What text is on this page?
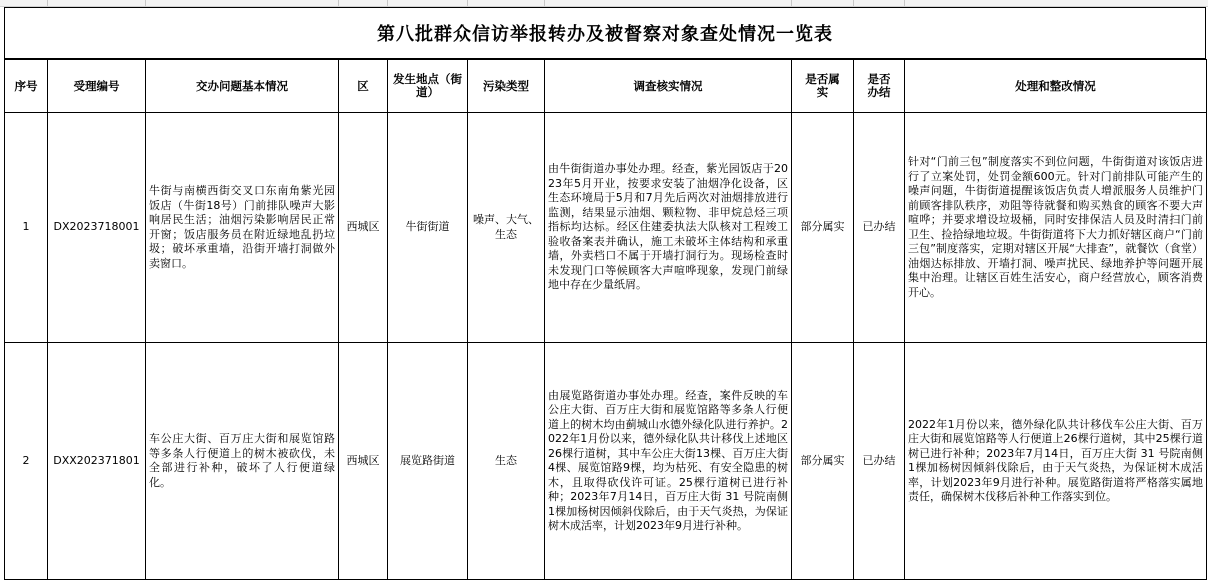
第八批群众信访举报转办及被督察对象查处情况一览表
序号	受理编号	交办问题基本情况	区	发生地点（街道）	污染类型	调查核实情况	是否属实	是否办结	处理和整改情况
1	DX2023718001	牛街与南横西街交叉口东南角紫光园饭店（牛街18号）门前排队噪声大影响居民生活；油烟污染影响居民正常开窗；饭店服务员在附近绿地乱扔垃圾；破坏承重墙，沿街开墙打洞做外卖窗口。	西城区	牛街街道	噪声、大气、生态	由牛街街道办事处办理。经查，紫光园饭店于2023年5月开业，按要求安装了油烟净化设备，区生态环境局于5月和7月先后两次对油烟排放进行监测，结果显示油烟、颗粒物、非甲烷总烃三项指标均达标。经区住建委执法大队核对工程竣工验收备案表并确认，施工未破坏主体结构和承重墙，外卖档口不属于开墙打洞行为。现场检查时未发现门口等候顾客大声喧哗现象，发现门前绿地中存在少量纸屑。	部分属实	已办结	针对“门前三包”制度落实不到位问题，牛街街道对该饭店进行了立案处罚，处罚金额600元。针对门前排队可能产生的噪声问题，牛街街道提醒该饭店负责人增派服务人员维护门前顾客排队秩序，劝阻等待就餐和购买熟食的顾客不要大声喧哗；并要求增设垃圾桶，同时安排保洁人员及时清扫门前卫生、捡拾绿地垃圾。牛街街道将下大力抓好辖区商户“门前三包”制度落实，定期对辖区开展“大排查”，就餐饮（食堂）油烟达标排放、开墙打洞、噪声扰民、绿地养护等问题开展集中治理。让辖区百姓生活安心，商户经营放心，顾客消费开心。
2	DXX202371801	车公庄大街、百万庄大街和展览馆路等多条人行便道上的树木被砍伐，未全部进行补种，破坏了人行便道绿化。	西城区	展览路街道	生态	由展览路街道办事处办理。经查，案件反映的车公庄大街、百万庄大街和展览馆路等多条人行便道上的树木均由蓟城山水德外绿化队进行养护。2022年1月份以来，德外绿化队共计移伐上述地区26棵行道树，其中车公庄大街13棵、百万庄大街4棵、展览馆路9棵，均为枯死、有安全隐患的树木，且取得砍伐许可证。25棵行道树已进行补种；2023年7月14日，百万庄大街 31 号院南侧1棵加杨树因倾斜伐除后，由于天气炎热，为保证树木成活率，计划2023年9月进行补种。	部分属实	已办结	2022年1月份以来，德外绿化队共计移伐车公庄大街、百万庄大街和展览馆路等人行便道上26棵行道树，其中25棵行道树已进行补种；2023年7月14日，百万庄大街 31 号院南侧1棵加杨树因倾斜伐除后，由于天气炎热，为保证树木成活率，计划2023年9月进行补种。展览路街道将严格落实属地责任，确保树木伐移后补种工作落实到位。
